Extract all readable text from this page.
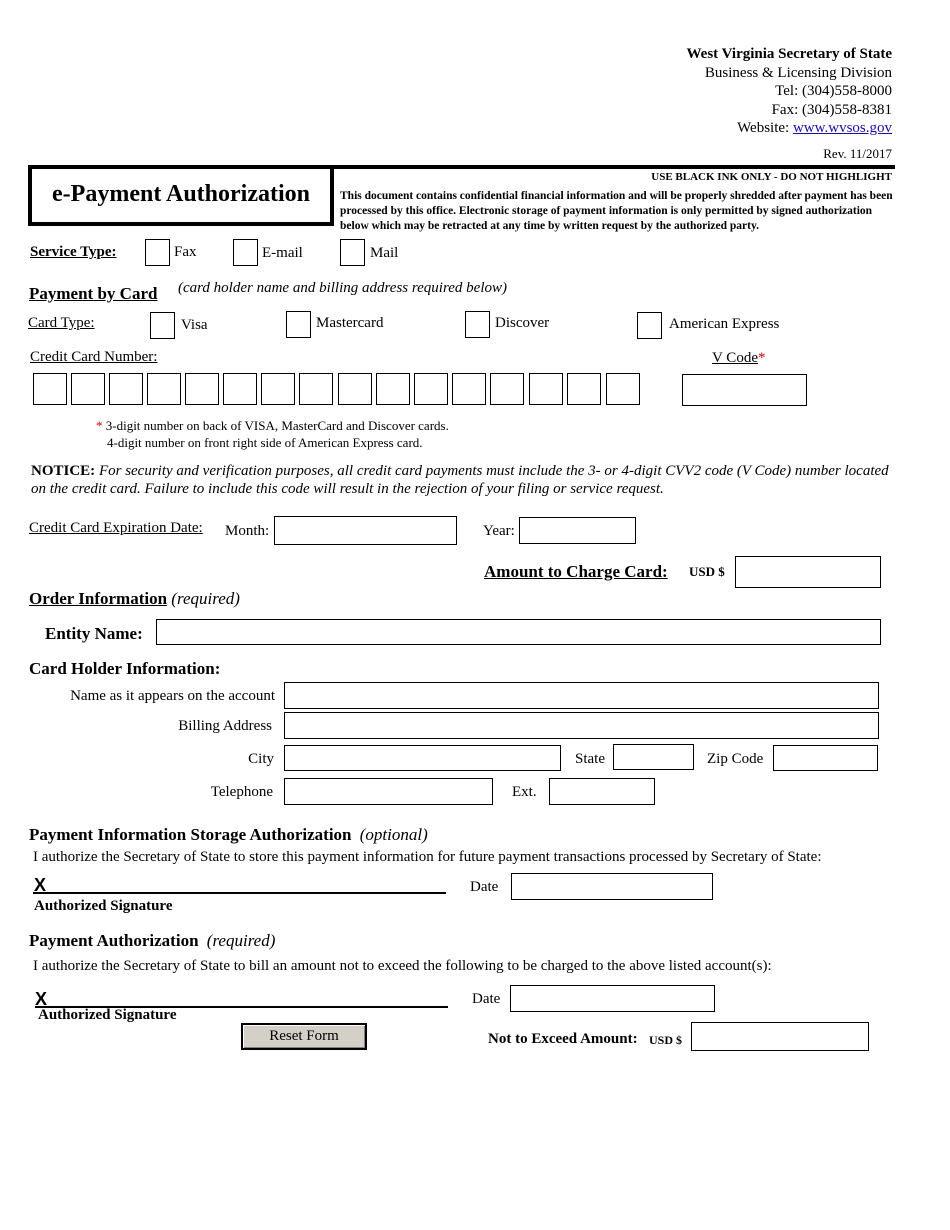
West Virginia Secretary of State
Business & Licensing Division
Tel: (304)558-8000
Fax: (304)558-8381
Website: www.wvsos.gov
Rev. 11/2017
e-Payment Authorization
USE BLACK INK ONLY - DO NOT HIGHLIGHT
This document contains confidential financial information and will be properly shredded after payment has been processed by this office. Electronic storage of payment information is only permitted by signed authorization below which may be retracted at any time by written request by the authorized party.
Service Type:	Fax	E-mail	Mail
Payment by Card (card holder name and billing address required below)
Card Type:	Visa	Mastercard	Discover	American Express
Credit Card Number:	V Code*
* 3-digit number on back of VISA, MasterCard and Discover cards.
4-digit number on front right side of American Express card.
NOTICE: For security and verification purposes, all credit card payments must include the 3- or 4-digit CVV2 code (V Code) number located on the credit card. Failure to include this code will result in the rejection of your filing or service request.
Credit Card Expiration Date: Month:	Year:
Amount to Charge Card: USD $
Order Information (required)
Entity Name:
Card Holder Information:
Name as it appears on the account
Billing Address
City	State	Zip Code
Telephone	Ext.
Payment Information Storage Authorization (optional)
I authorize the Secretary of State to store this payment information for future payment transactions processed by Secretary of State:
X
Authorized Signature
Date
Payment Authorization (required)
I authorize the Secretary of State to bill an amount not to exceed the following to be charged to the above listed account(s):
X
Authorized Signature
Date
Reset Form	Not to Exceed Amount: USD $
